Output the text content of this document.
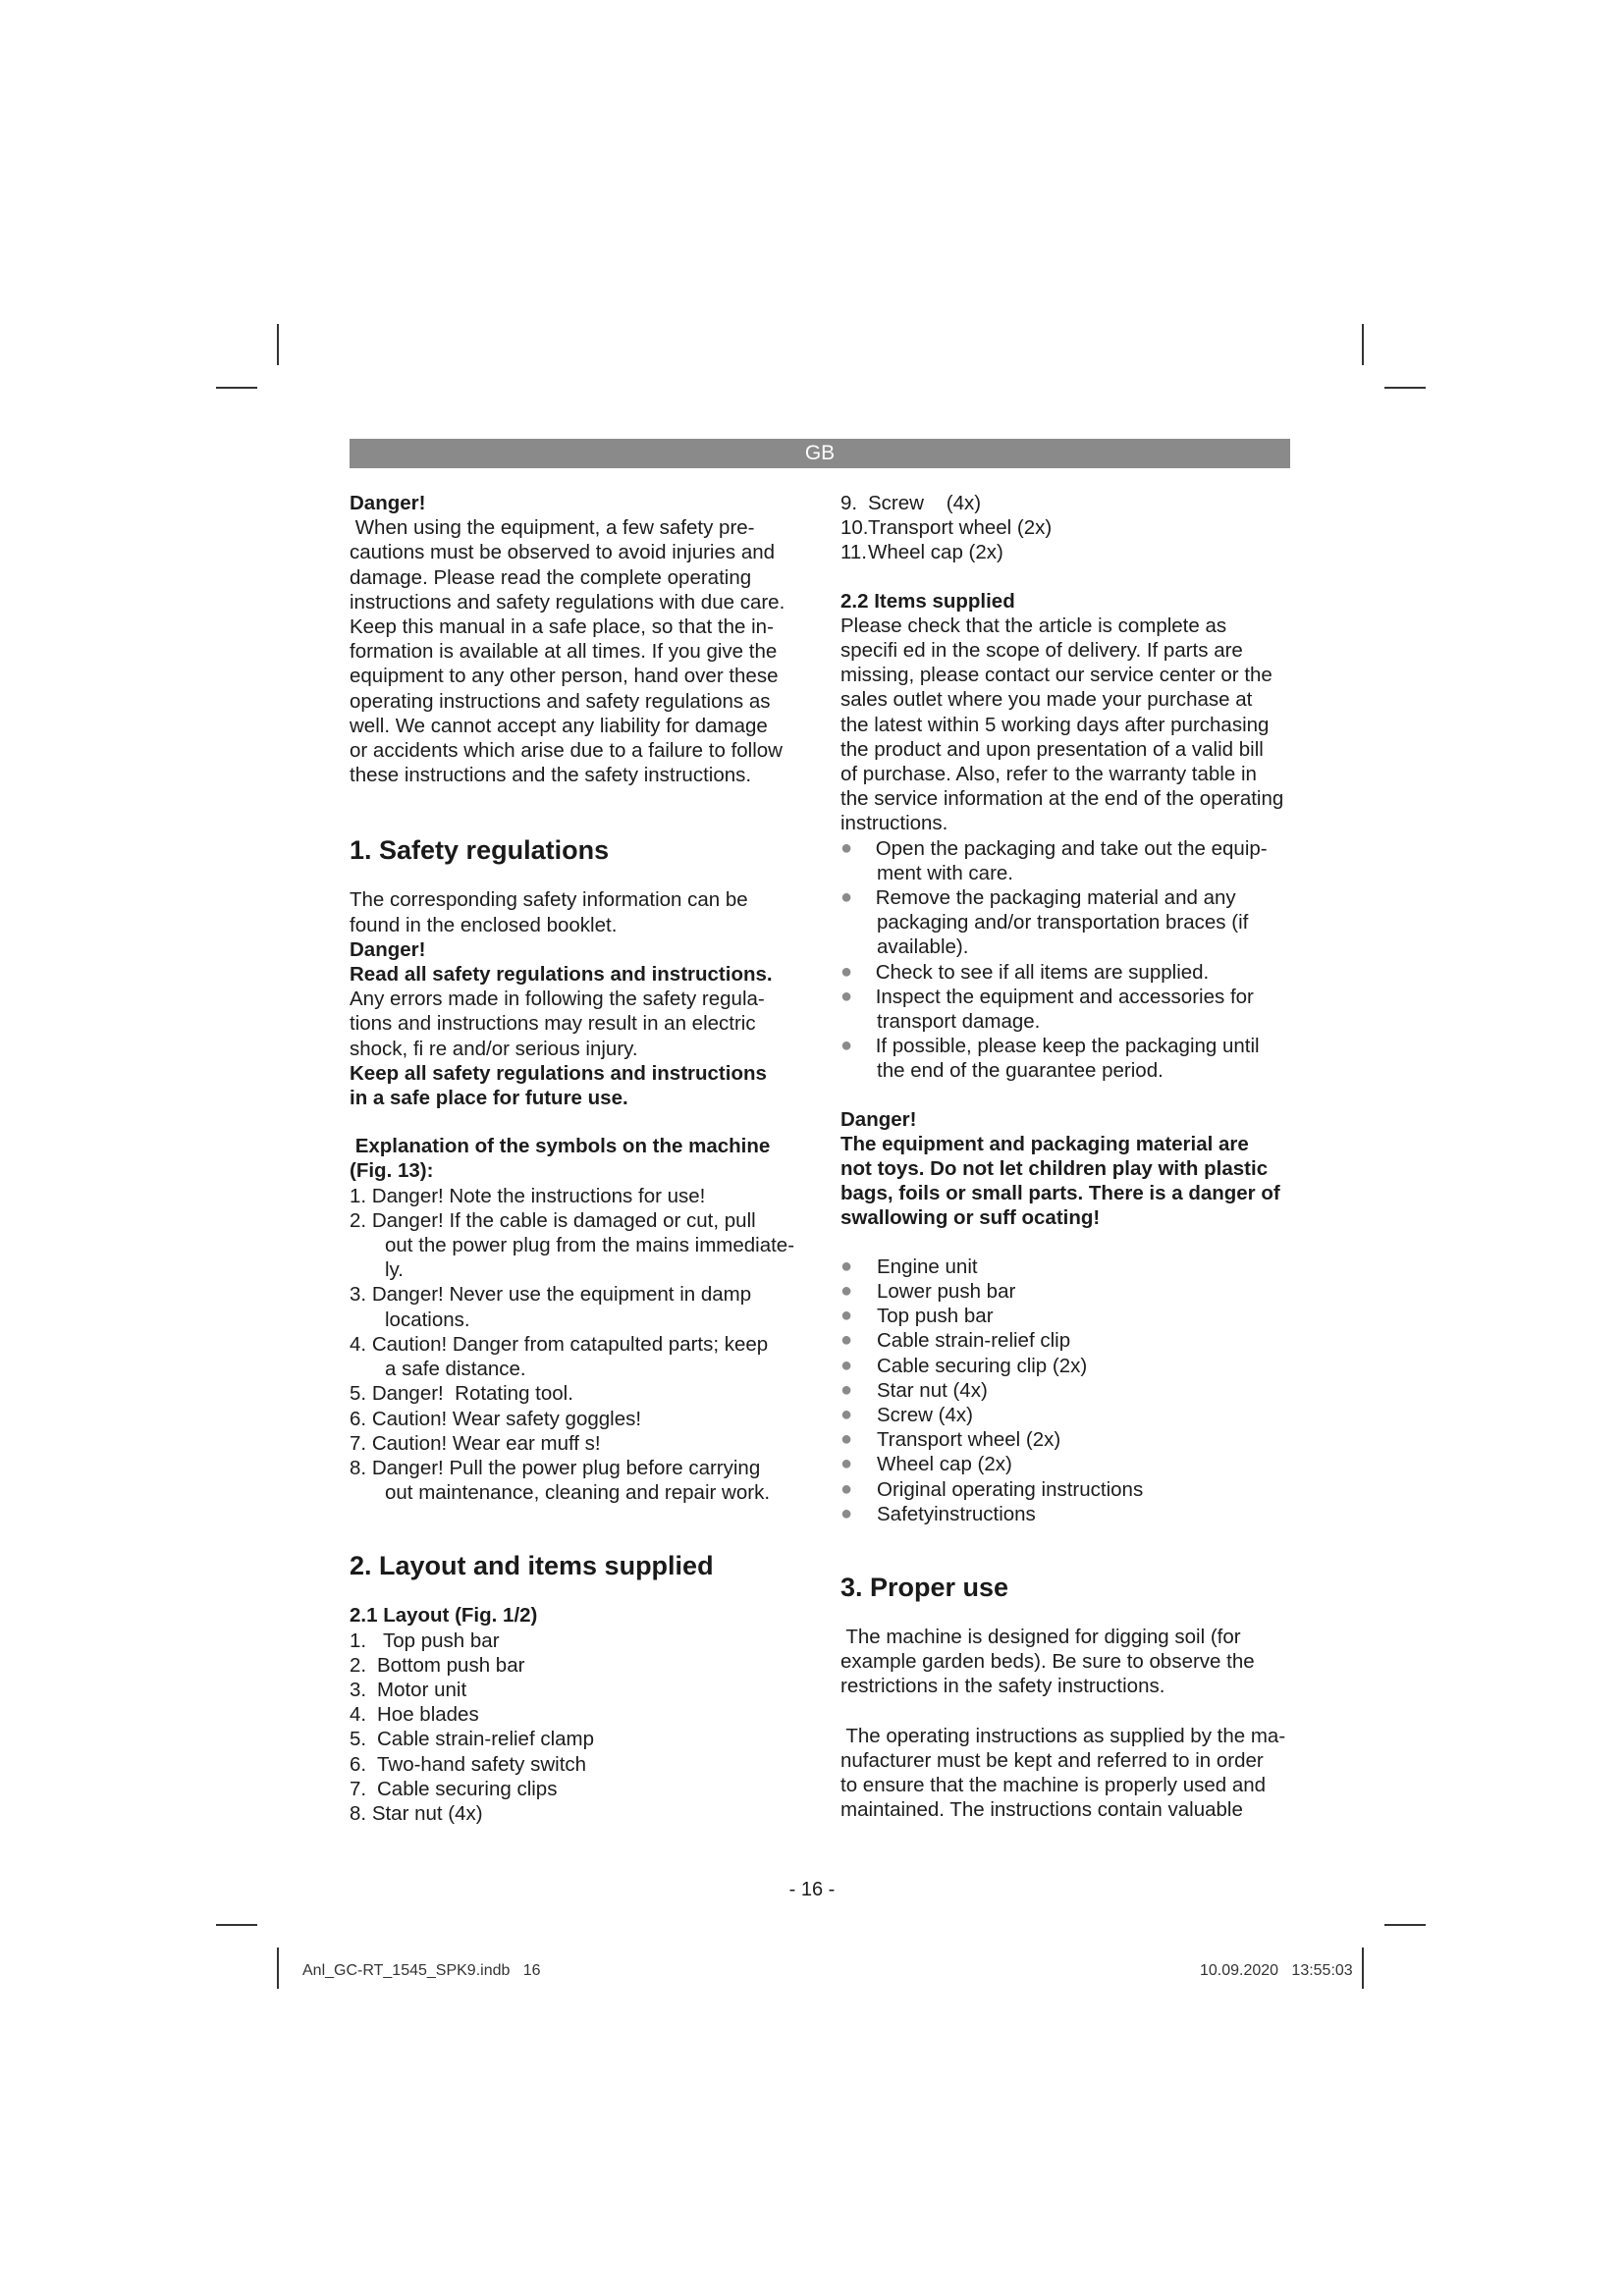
GB

Danger!

When using the equipment, a few safety pre-
cautions must be observed to avoid injuries and
damage. Please read the complete operating
instructions and safety regulations with due care.
Keep this manual in a safe place, so that the in-
formation is available at all times. If you give the
equipment to any other person, hand over these
operating instructions and safety regulations as
well. We cannot accept any liability for damage
or accidents which arise due to a failure to follow
these instructions and the safety instructions.
1. Safety regulations
The corresponding safety information can be
found in the enclosed booklet.

Danger!

Read all safety regulations and instructions.

Any errors made in following the safety regula-
tions and instructions may result in an electric
shock, fi re and/or serious injury.
Keep all safety regulations and instructions
in a safe place for future use.
Explanation of the symbols on the machine
(Fig. 13):
1. Danger! Note the instructions for use!
2. Danger! If the cable is damaged or cut, pull
out the power plug from the mains immediate-
ly.
3. Danger! Never use the equipment in damp
locations.
4. Caution! Danger from catapulted parts; keep
a safe distance.
5. Danger!  Rotating tool.
6. Caution! Wear safety goggles!
7. Caution! Wear ear muff s!
8. Danger! Pull the power plug before carrying
out maintenance, cleaning and repair work.
2. Layout and items supplied

2.1 Layout (Fig. 1/2)

1. Top push bar
2. Bottom push bar
3. Motor unit
4. Hoe blades
5. Cable strain-relief clamp
6. Two-hand safety switch
7. Cable securing clips
8. Star nut (4x)
9. Screw    (4x)
10. Transport wheel (2x)
11. Wheel cap (2x)

2.2 Items supplied

Please check that the article is complete as
specifi ed in the scope of delivery. If parts are
missing, please contact our service center or the
sales outlet where you made your purchase at
the latest within 5 working days after purchasing
the product and upon presentation of a valid bill
of purchase. Also, refer to the warranty table in
the service information at the end of the operating
instructions.
● Open the packaging and take out the equip-
ment with care.
● Remove the packaging material and any
packaging and/or transportation braces (if
available).
● Check to see if all items are supplied.
● Inspect the equipment and accessories for
transport damage.
● If possible, please keep the packaging until
the end of the guarantee period.
Danger!
The equipment and packaging material are
not toys. Do not let children play with plastic
bags, foils or small parts. There is a danger of
swallowing or suff ocating!
● Engine unit
● Lower push bar
● Top push bar
● Cable strain-relief clip
● Cable securing clip (2x)
● Star nut (4x)
● Screw (4x)
● Transport wheel (2x)
● Wheel cap (2x)
● Original operating instructions
● Safetyinstructions
3. Proper use
The machine is designed for digging soil (for
example garden beds). Be sure to observe the
restrictions in the safety instructions.
The operating instructions as supplied by the ma-
nufacturer must be kept and referred to in order
to ensure that the machine is properly used and
maintained. The instructions contain valuable
- 16 -
Anl_GC-RT_1545_SPK9.indb   16	10.09.2020   13:55:03
